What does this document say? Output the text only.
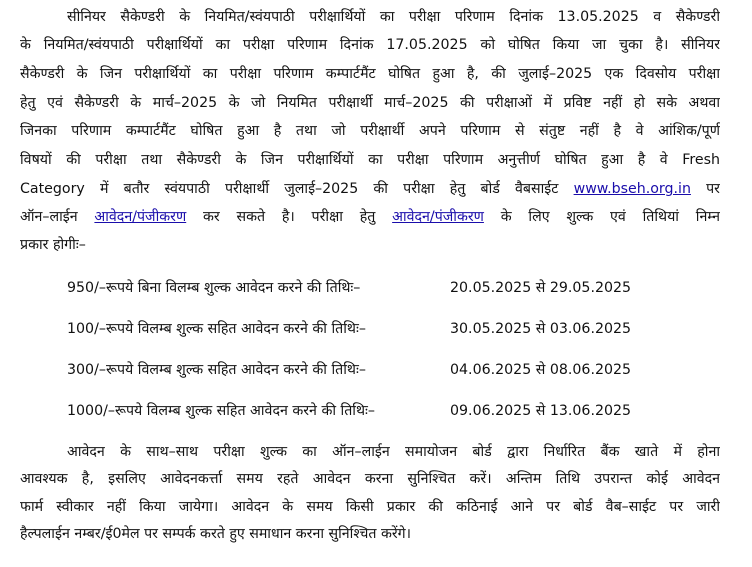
सीनियर सैकेण्डरी के नियमित/स्वंयपाठी परीक्षार्थियों का परीक्षा परिणाम दिनांक 13.05.2025 व सैकेण्डरी
के नियमित/स्वंयपाठी परीक्षार्थियों का परीक्षा परिणाम दिनांक 17.05.2025 को घोषित किया जा चुका है। सीनियर
सैकेण्डरी के जिन परीक्षार्थियों का परीक्षा परिणाम कम्पार्टमैंट घोषित हुआ है, की जुलाई–2025 एक दिवसोय परीक्षा
हेतु एवं सैकेण्डरी के मार्च–2025 के जो नियमित परीक्षार्थी मार्च–2025 की परीक्षाओं में प्रविष्ट नहीं हो सके अथवा
जिनका परिणाम कम्पार्टमैंट घोषित हुआ है तथा जो परीक्षार्थी अपने परिणाम से संतुष्ट नहीं है वे आंशिक/पूर्ण
विषयों की परीक्षा तथा सैकेण्डरी के जिन परीक्षार्थियों का परीक्षा परिणाम अनुत्तीर्ण घोषित हुआ है वे Fresh
Category में बतौर स्वंयपाठी परीक्षार्थी जुलाई–2025 की परीक्षा हेतु बोर्ड वैबसाईट www.bseh.org.in पर
ऑन–लाईन आवेदन/पंजीकरण कर सकते है। परीक्षा हेतु आवेदन/पंजीकरण के लिए शुल्क एवं तिथियां निम्न
प्रकार होगीः–
950/–रूपये बिना विलम्ब शुल्क आवेदन करने की तिथिः–	20.05.2025 से 29.05.2025
100/–रूपये विलम्ब शुल्क सहित आवेदन करने की तिथिः–	30.05.2025 से 03.06.2025
300/–रूपये विलम्ब शुल्क सहित आवेदन करने की तिथिः–	04.06.2025 से 08.06.2025
1000/–रूपये विलम्ब शुल्क सहित आवेदन करने की तिथिः–	09.06.2025 से 13.06.2025
आवेदन के साथ–साथ परीक्षा शुल्क का ऑन–लाईन समायोजन बोर्ड द्वारा निर्धारित बैंक खाते में होना
आवश्यक है, इसलिए आवेदनकर्त्ता समय रहते आवेदन करना सुनिश्चित करें। अन्तिम तिथि उपरान्त कोई आवेदन
फार्म स्वीकार नहीं किया जायेगा। आवेदन के समय किसी प्रकार की कठिनाई आने पर बोर्ड वैब–साईट पर जारी
हैल्पलाईन नम्बर/ई0मेल पर सम्पर्क करते हुए समाधान करना सुनिश्चित करेंगे।
